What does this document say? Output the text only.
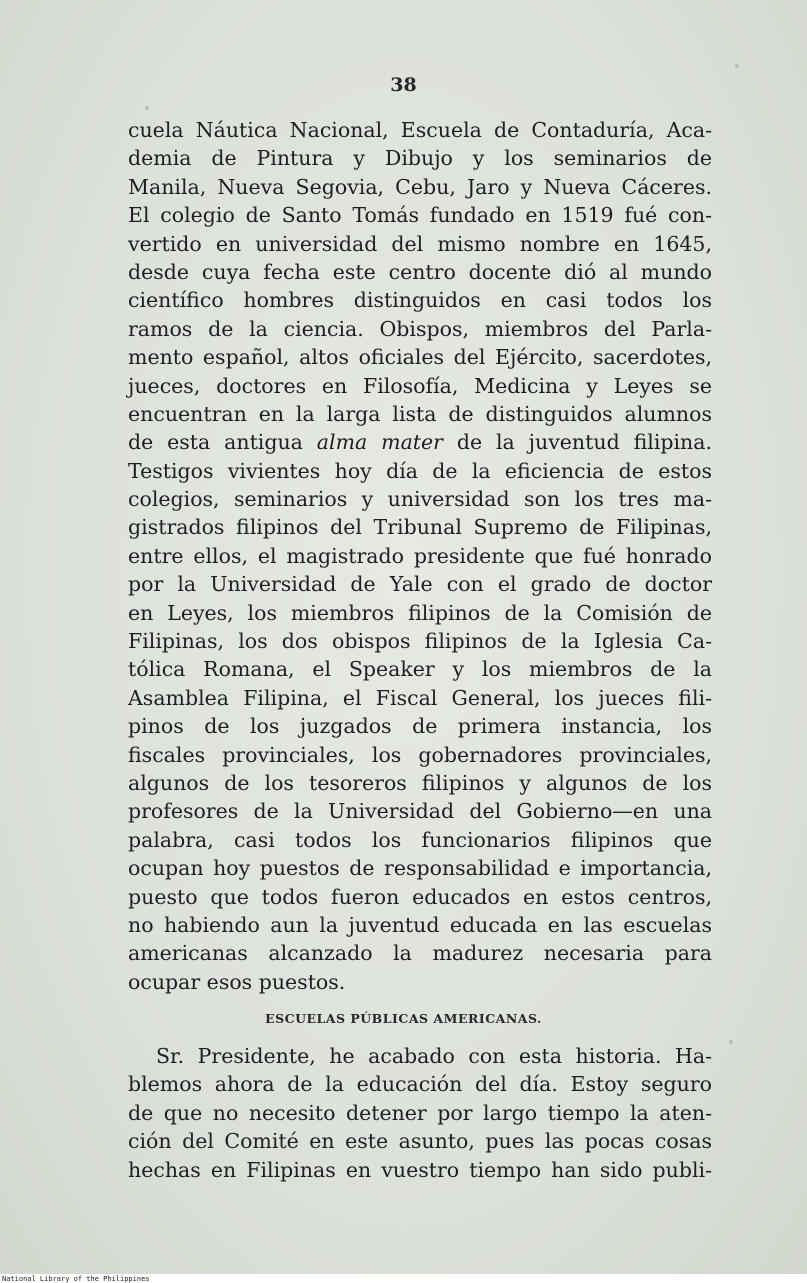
38
cuela Náutica Nacional, Escuela de Contaduría, Aca-
demia de Pintura y Dibujo y los seminarios de
Manila, Nueva Segovia, Cebu, Jaro y Nueva Cáceres.
El colegio de Santo Tomás fundado en 1519 fué con-
vertido en universidad del mismo nombre en 1645,
desde cuya fecha este centro docente dió al mundo
científico hombres distinguidos en casi todos los
ramos de la ciencia. Obispos, miembros del Parla-
mento español, altos oficiales del Ejército, sacerdotes,
jueces, doctores en Filosofía, Medicina y Leyes se
encuentran en la larga lista de distinguidos alumnos
de esta antigua alma mater de la juventud filipina.
Testigos vivientes hoy día de la eficiencia de estos
colegios, seminarios y universidad son los tres ma-
gistrados filipinos del Tribunal Supremo de Filipinas,
entre ellos, el magistrado presidente que fué honrado
por la Universidad de Yale con el grado de doctor
en Leyes, los miembros filipinos de la Comisión de
Filipinas, los dos obispos filipinos de la Iglesia Ca-
tólica Romana, el Speaker y los miembros de la
Asamblea Filipina, el Fiscal General, los jueces fili-
pinos de los juzgados de primera instancia, los
fiscales provinciales, los gobernadores provinciales,
algunos de los tesoreros filipinos y algunos de los
profesores de la Universidad del Gobierno—en una
palabra, casi todos los funcionarios filipinos que
ocupan hoy puestos de responsabilidad e importancia,
puesto que todos fueron educados en estos centros,
no habiendo aun la juventud educada en las escuelas
americanas alcanzado la madurez necesaria para
ocupar esos puestos.
ESCUELAS PÚBLICAS AMERICANAS.
Sr. Presidente, he acabado con esta historia. Ha-
blemos ahora de la educación del día. Estoy seguro
de que no necesito detener por largo tiempo la aten-
ción del Comité en este asunto, pues las pocas cosas
hechas en Filipinas en vuestro tiempo han sido publi-
National Library of the Philippines
